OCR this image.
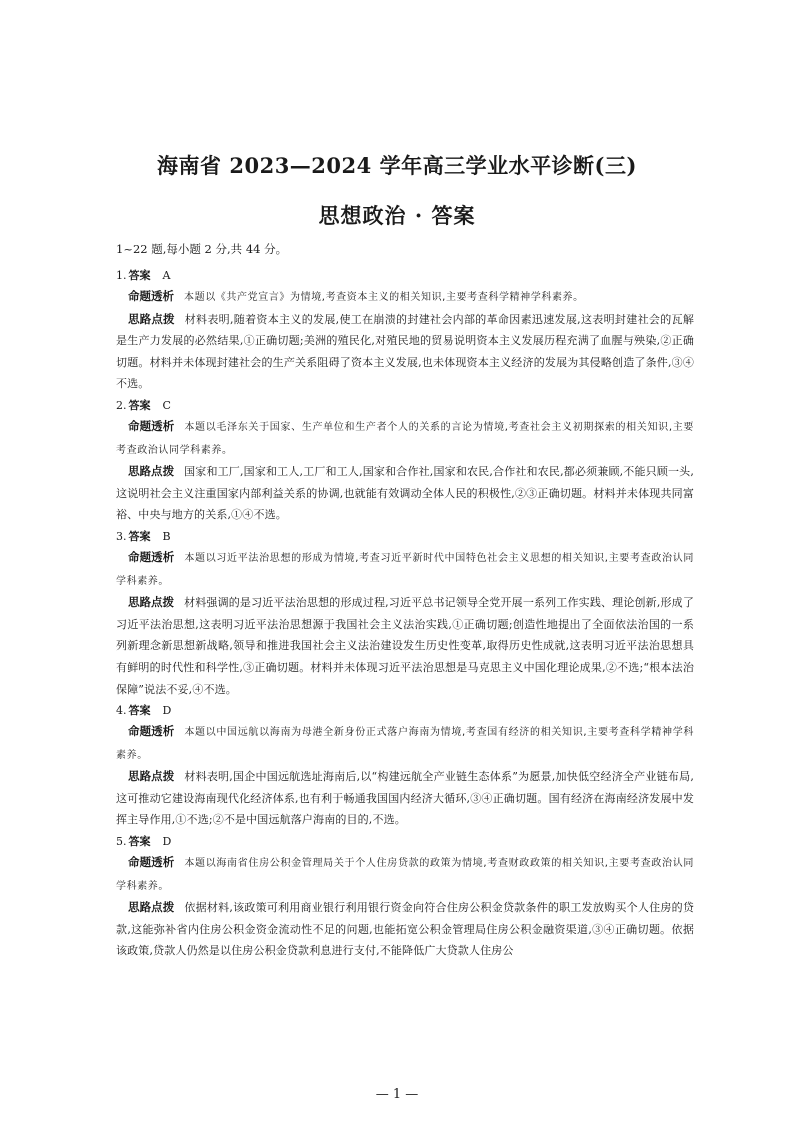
海南省 2023—2024 学年高三学业水平诊断(三)
思想政治 · 答案
1~22 题,每小题 2 分,共 44 分。
1. 答案 A

命题透析 本题以《共产党宣言》为情境,考查资本主义的相关知识,主要考查科学精神学科素养。

思路点拨 材料表明,随着资本主义的发展,使工在崩溃的封建社会内部的革命因素迅速发展,这表明封建社会的瓦解是生产力发展的必然结果,①正确切题;美洲的殖民化,对殖民地的贸易说明资本主义发展历程充满了血腥与殃染,②正确切题。材料并未体现封建社会的生产关系阻碍了资本主义发展,也未体现资本主义经济的发展为其侵略创造了条件,③④不选。

2. 答案 C

命题透析 本题以毛泽东关于国家、生产单位和生产者个人的关系的言论为情境,考查社会主义初期探索的相关知识,主要考查政治认同学科素养。

思路点拨 国家和工厂,国家和工人,工厂和工人,国家和合作社,国家和农民,合作社和农民,都必须兼顾,不能只顾一头,这说明社会主义注重国家内部利益关系的协调,也就能有效调动全体人民的积极性,②③正确切题。材料并未体现共同富裕、中央与地方的关系,①④不选。

3. 答案 B

命题透析 本题以习近平法治思想的形成为情境,考查习近平新时代中国特色社会主义思想的相关知识,主要考查政治认同学科素养。

思路点拨 材料强调的是习近平法治思想的形成过程,习近平总书记领导全党开展一系列工作实践、理论创新,形成了习近平法治思想,这表明习近平法治思想源于我国社会主义法治实践,①正确切题;创造性地提出了全面依法治国的一系列新理念新思想新战略,领导和推进我国社会主义法治建设发生历史性变革,取得历史性成就,这表明习近平法治思想具有鲜明的时代性和科学性,③正确切题。材料并未体现习近平法治思想是马克思主义中国化理论成果,②不选;“根本法治保障”说法不妥,④不选。

4. 答案 D

命题透析 本题以中国远航以海南为母港全新身份正式落户海南为情境,考查国有经济的相关知识,主要考查科学精神学科素养。

思路点拨 材料表明,国企中国远航选址海南后,以“构建远航全产业链生态体系”为愿景,加快低空经济全产业链布局,这可推动它建设海南现代化经济体系,也有利于畅通我国国内经济大循环,③④正确切题。国有经济在海南经济发展中发挥主导作用,①不选;②不是中国远航落户海南的目的,不选。

5. 答案 D

命题透析 本题以海南省住房公积金管理局关于个人住房贷款的政策为情境,考查财政政策的相关知识,主要考查政治认同学科素养。

思路点拨 依据材料,该政策可利用商业银行利用银行资金向符合住房公积金贷款条件的职工发放购买个人住房的贷款,这能弥补省内住房公积金资金流动性不足的问题,也能拓宽公积金管理局住房公积金融资渠道,③④正确切题。依据该政策,贷款人仍然是以住房公积金贷款利息进行支付,不能降低广大贷款人住房公

— 1 —
